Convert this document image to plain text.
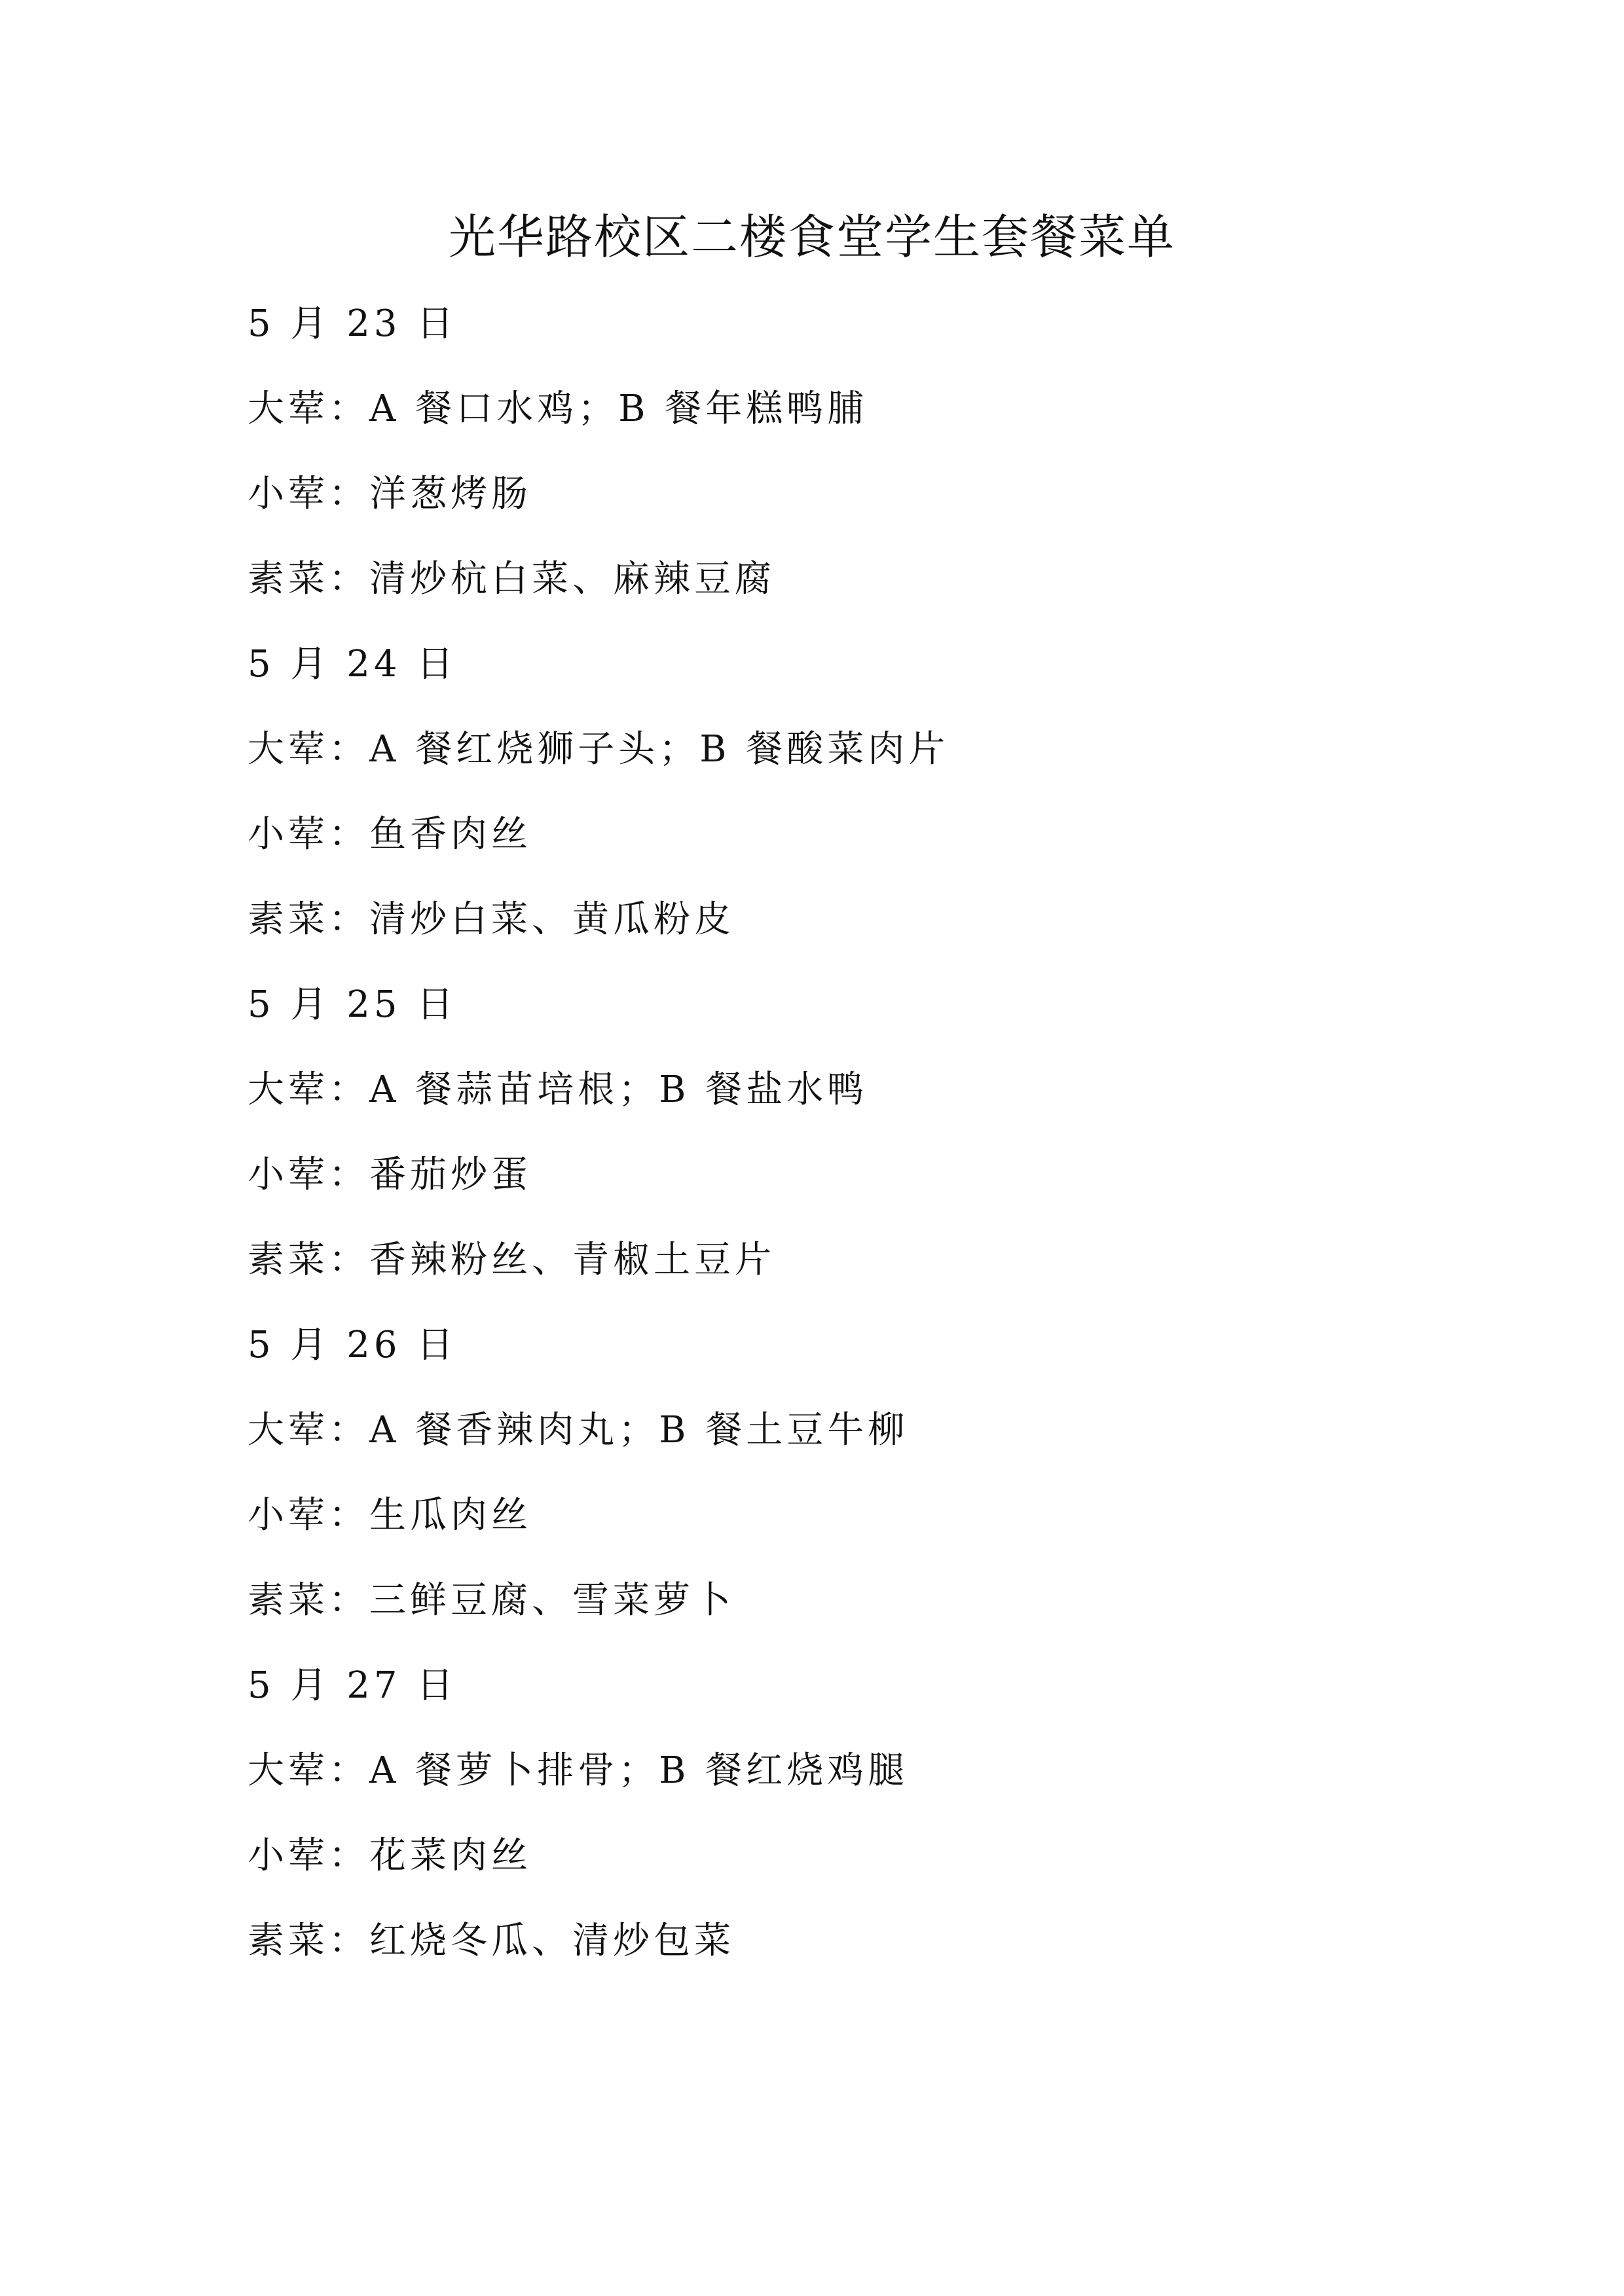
光华路校区二楼食堂学生套餐菜单
5 月 23 日
大荤：A 餐口水鸡；B 餐年糕鸭脯
小荤：洋葱烤肠
素菜：清炒杭白菜、麻辣豆腐
5 月 24 日
大荤：A 餐红烧狮子头；B 餐酸菜肉片
小荤：鱼香肉丝
素菜：清炒白菜、黄瓜粉皮
5 月 25 日
大荤：A 餐蒜苗培根；B 餐盐水鸭
小荤：番茄炒蛋
素菜：香辣粉丝、青椒土豆片
5 月 26 日
大荤：A 餐香辣肉丸；B 餐土豆牛柳
小荤：生瓜肉丝
素菜：三鲜豆腐、雪菜萝卜
5 月 27 日
大荤：A 餐萝卜排骨；B 餐红烧鸡腿
小荤：花菜肉丝
素菜：红烧冬瓜、清炒包菜
